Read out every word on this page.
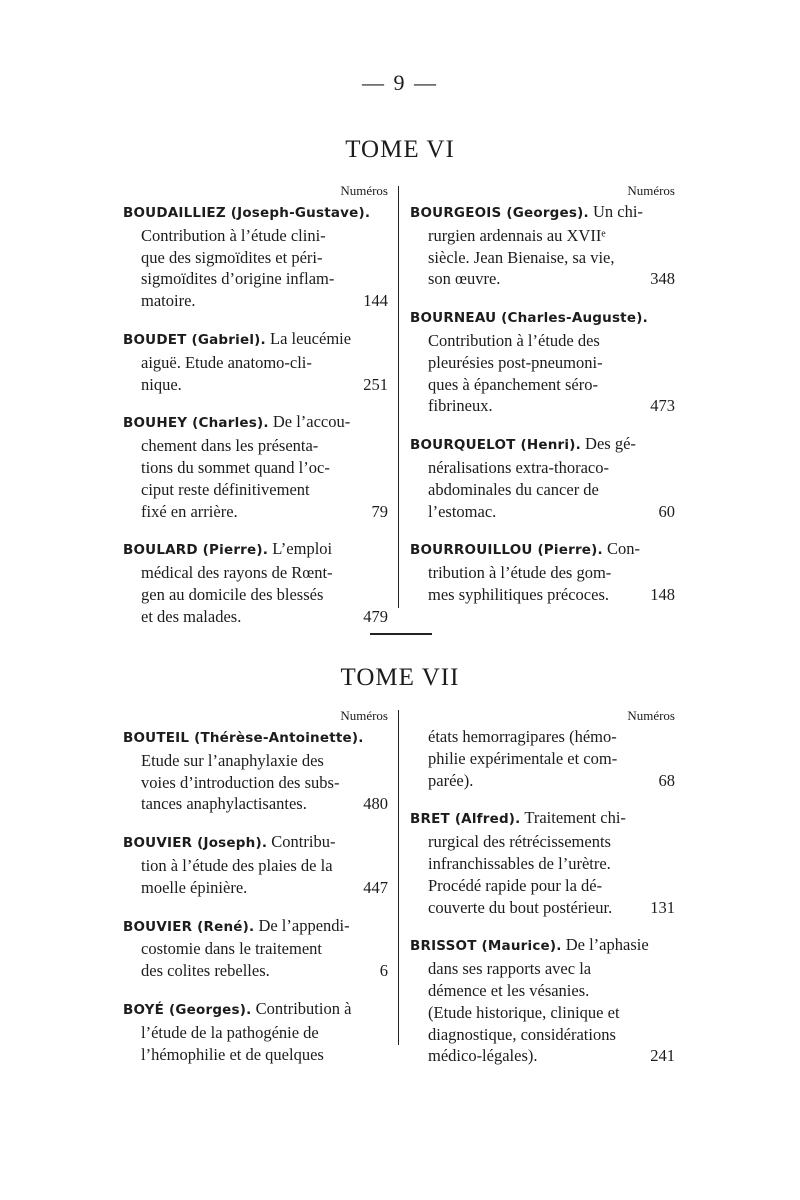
— 9 —
TOME VI
Numéros

BOUDAILLIEZ (Joseph-Gustave).

Contribution à l’étude clini-
que des sigmoïdites et péri-
sigmoïdites d’origine inflam-
matoire.	144

BOUDET (Gabriel). La leucémie

aiguë. Etude anatomo-cli-
nique.	251

BOUHEY (Charles). De l’accou-

chement dans les présenta-
tions du sommet quand l’oc-
ciput reste définitivement
fixé en arrière.	79

BOULARD (Pierre). L’emploi

médical des rayons de Rœnt-
gen au domicile des blessés
et des malades.	479
Numéros

BOURGEOIS (Georges). Un chi-

rurgien ardennais au XVIIᵉ
siècle. Jean Bienaise, sa vie,
son œuvre.	348

BOURNEAU (Charles-Auguste).

Contribution à l’étude des
pleurésies post-pneumoni-
ques à épanchement séro-
fibrineux.	473

BOURQUELOT (Henri). Des gé-

néralisations extra-thoraco-
abdominales du cancer de
l’estomac.	60

BOURROUILLOU (Pierre). Con-

tribution à l’étude des gom-
mes syphilitiques précoces. 148
TOME VII
Numéros

BOUTEIL (Thérèse-Antoinette).

Etude sur l’anaphylaxie des
voies d’introduction des subs-
tances anaphylactisantes.	480

BOUVIER (Joseph). Contribu-

tion à l’étude des plaies de la
moelle épinière.	447

BOUVIER (René). De l’appendi-

costomie dans le traitement
des colites rebelles.	6

BOYÉ (Georges). Contribution à

l’étude de la pathogénie de
l’hémophilie et de quelques
Numéros
états hemorragipares (hémo-
philie expérimentale et com-
parée).	68

BRET (Alfred). Traitement chi-

rurgical des rétrécissements
infranchissables de l’urètre.
Procédé rapide pour la dé-
couverte du bout postérieur. 131

BRISSOT (Maurice). De l’aphasie

dans ses rapports avec la
démence et les vésanies.
(Etude historique, clinique et
diagnostique, considérations
médico-légales).	241
